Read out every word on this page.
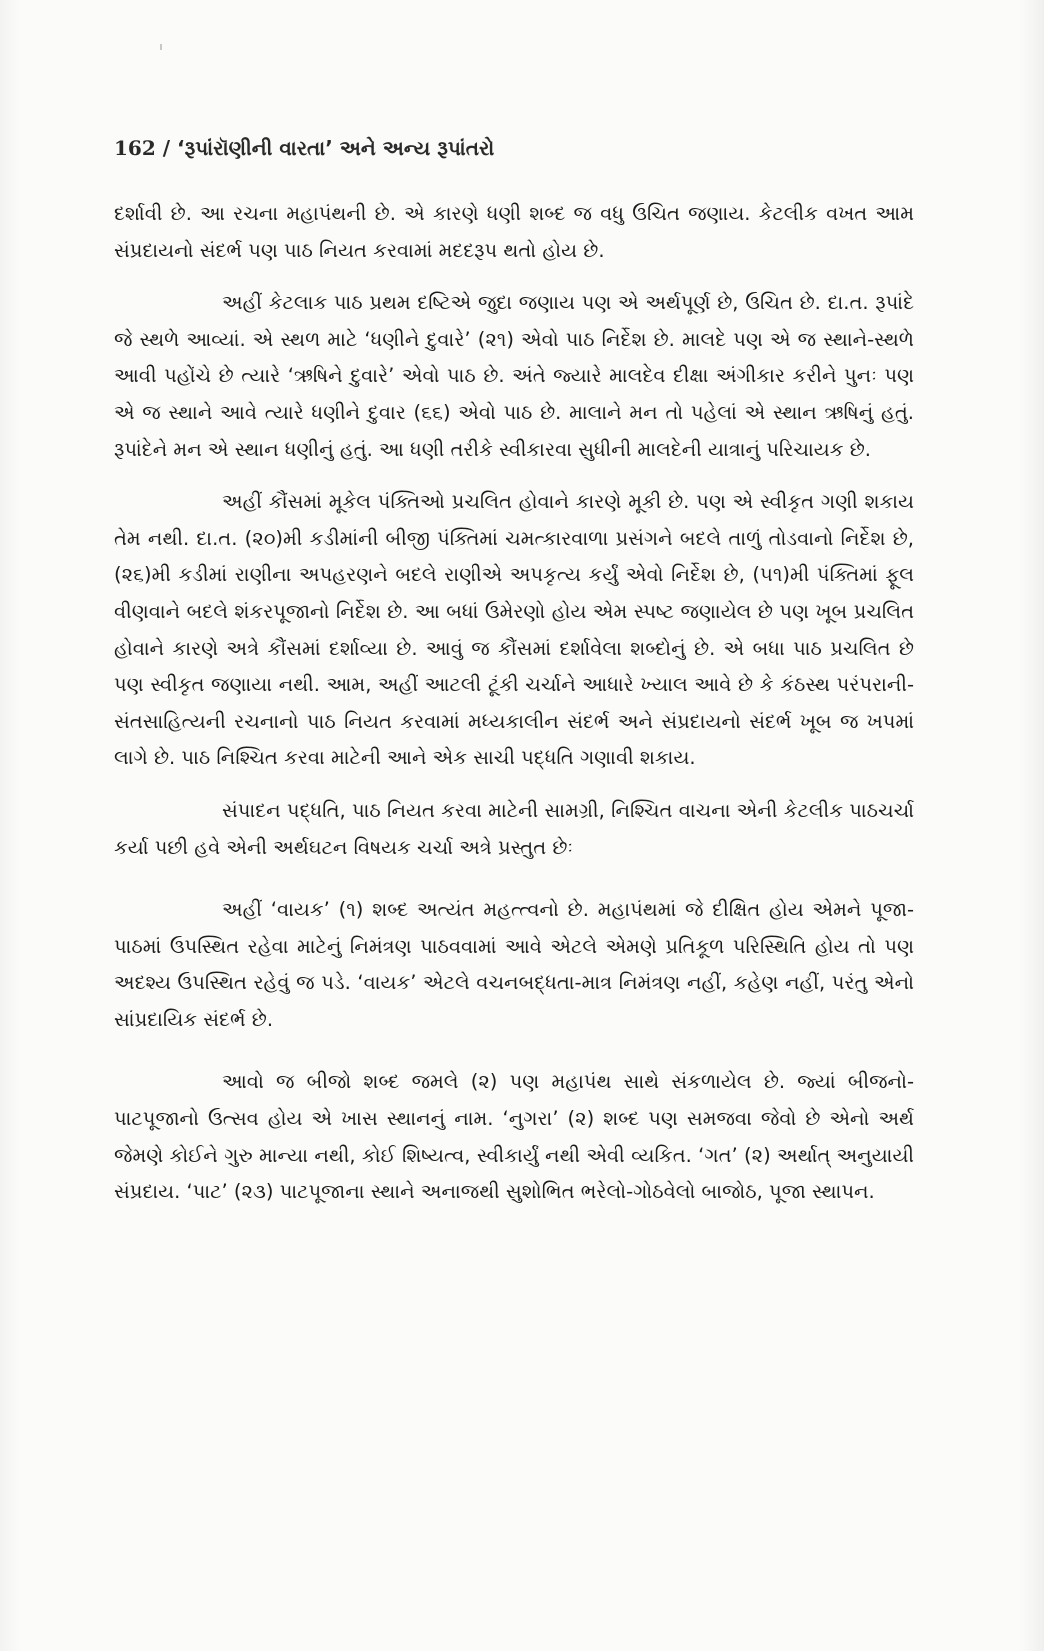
162 / ‘રૂપાંરૉણીની વારતા’ અને અન્ય રૂપાંતરો

દર્શાવી છે. આ રચના મહાપંથની છે. એ કારણે ધણી શબ્દ જ વધુ ઉચિત જણાય. કેટલીક વખત આમ સંપ્રદાયનો સંદર્ભ પણ પાઠ નિયત કરવામાં મદદરૂપ થતો હોય છે.

અહીં કેટલાક પાઠ પ્રથમ દષ્ટિએ જુદા જણાય પણ એ અર્થપૂર્ણ છે, ઉચિત છે. દા.ત. રૂપાંદે જે સ્થળે આવ્યાં. એ સ્થળ માટે ‘ધણીને દુવારે’ (૨૧) એવો પાઠ નિર્દેશ છે. માલદે પણ એ જ સ્થાને-સ્થળે આવી પહોંચે છે ત્યારે ‘ઋષિને દુવારે’ એવો પાઠ છે. અંતે જ્યારે માલદેવ દીક્ષા અંગીકાર કરીને પુનઃ પણ એ જ સ્થાને આવે ત્યારે ધણીને દુવાર (૬૬) એવો પાઠ છે. માલાને મન તો પહેલાં એ સ્થાન ઋષિનું હતું. રૂપાંદેને મન એ સ્થાન ધણીનું હતું. આ ધણી તરીકે સ્વીકારવા સુધીની માલદેની યાત્રાનું પરિચાયક છે.

અહીં કૌંસમાં મૂકેલ પંક્તિઓ પ્રચલિત હોવાને કારણે મૂકી છે. પણ એ સ્વીકૃત ગણી શકાય તેમ નથી. દા.ત. (૨૦)મી કડીમાંની બીજી પંક્તિમાં ચમત્કારવાળા પ્રસંગને બદલે તાળું તોડવાનો નિર્દેશ છે, (૨૬)મી કડીમાં રાણીના અપહરણને બદલે રાણીએ અપકૃત્ય કર્યું એવો નિર્દેશ છે, (૫૧)મી પંક્તિમાં ફૂલ વીણવાને બદલે શંકરપૂજાનો નિર્દેશ છે. આ બધાં ઉમેરણો હોય એમ સ્પષ્ટ જણાયેલ છે પણ ખૂબ પ્રચલિત હોવાને કારણે અત્રે કૌંસમાં દર્શાવ્યા છે. આવું જ કૌંસમાં દર્શાવેલા શબ્દોનું છે. એ બધા પાઠ પ્રચલિત છે પણ સ્વીકૃત જણાયા નથી. આમ, અહીં આટલી ટૂંકી ચર્ચાને આધારે ખ્યાલ આવે છે કે કંઠસ્થ પરંપરાની-સંતસાહિત્યની રચનાનો પાઠ નિયત કરવામાં મધ્યકાલીન સંદર્ભ અને સંપ્રદાયનો સંદર્ભ ખૂબ જ ખપમાં લાગે છે. પાઠ નિશ્ચિત કરવા માટેની આને એક સાચી પદ્ધતિ ગણાવી શકાય.

સંપાદન પદ્ધતિ, પાઠ નિયત કરવા માટેની સામગ્રી, નિશ્ચિત વાચના એની કેટલીક પાઠચર્ચા કર્યા પછી હવે એની અર્થઘટન વિષયક ચર્ચા અત્રે પ્રસ્તુત છેઃ

અહીં ‘વાયક’ (૧) શબ્દ અત્યંત મહત્ત્વનો છે. મહાપંથમાં જે દીક્ષિત હોય એમને પૂજા-પાઠમાં ઉપસ્થિત રહેવા માટેનું નિમંત્રણ પાઠવવામાં આવે એટલે એમણે પ્રતિકૂળ પરિસ્થિતિ હોય તો પણ અદશ્ય ઉપસ્થિત રહેવું જ પડે. ‘વાયક’ એટલે વચનબદ્ધતા-માત્ર નિમંત્રણ નહીં, કહેણ નહીં, પરંતુ એનો સાંપ્રદાયિક સંદર્ભ છે.

આવો જ બીજો શબ્દ જમલે (૨) પણ મહાપંથ સાથે સંકળાયેલ છે. જ્યાં બીજનો-પાટપૂજાનો ઉત્સવ હોય એ ખાસ સ્થાનનું નામ. ‘નુગરા’ (૨) શબ્દ પણ સમજવા જેવો છે એનો અર્થ જેમણે કોઈને ગુરુ માન્યા નથી, કોઈ શિષ્યત્વ, સ્વીકાર્યું નથી એવી વ્યકિત. ‘ગત’ (૨) અર્થાત્ અનુયાયી સંપ્રદાય. ‘પાટ’ (૨૩) પાટપૂજાના સ્થાને અનાજથી સુશોભિત ભરેલો-ગોઠવેલો બાજોઠ, પૂજા સ્થાપન.
